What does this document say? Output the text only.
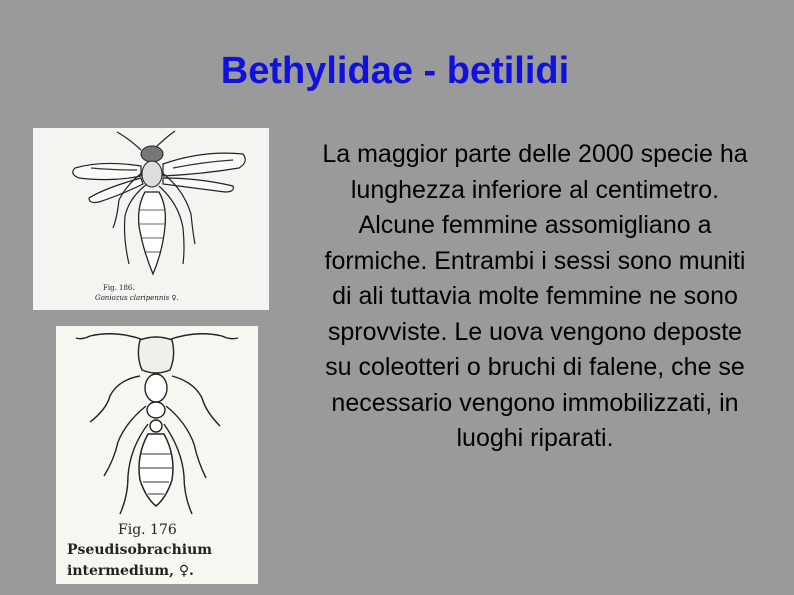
Bethylidae - betilidi
Fig. 186.
Goniozus claripennis ♀.
Fig. 176
Pseudisobrachium
intermedium, ♀.
La maggior parte delle 2000 specie ha lunghezza inferiore al centimetro. Alcune femmine assomigliano a formiche. Entrambi i sessi sono muniti di ali tuttavia molte femmine ne sono sprovviste. Le uova vengono deposte su coleotteri o bruchi di falene, che se necessario vengono immobilizzati, in luoghi riparati.
